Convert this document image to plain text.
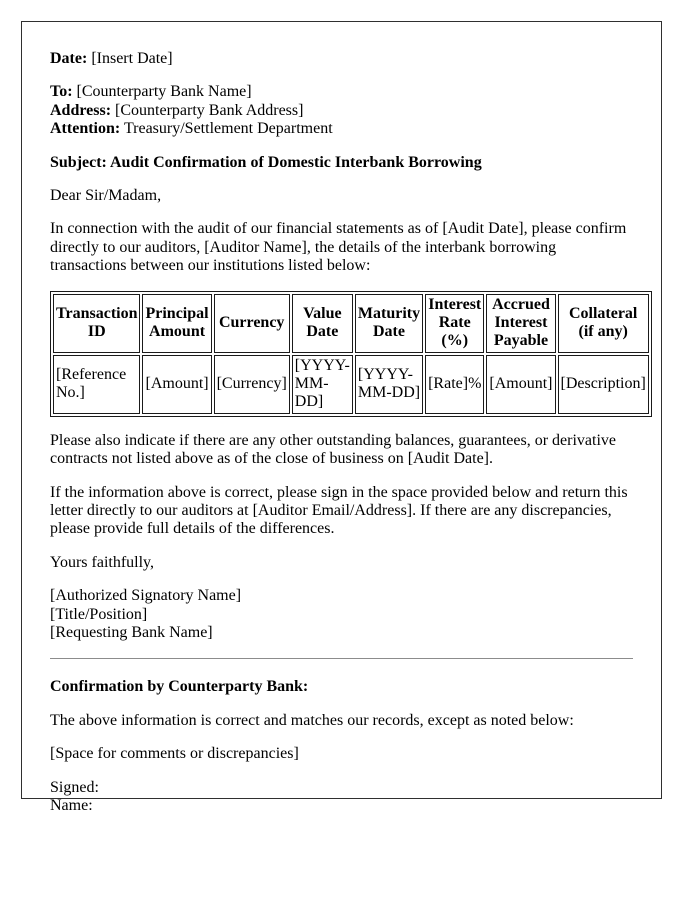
Date: [Insert Date]

To: [Counterparty Bank Name]
Address: [Counterparty Bank Address]
Attention: Treasury/Settlement Department

Subject: Audit Confirmation of Domestic Interbank Borrowing

Dear Sir/Madam,

In connection with the audit of our financial statements as of [Audit Date], please confirm directly to our auditors, [Auditor Name], the details of the interbank borrowing transactions between our institutions listed below:

Transaction ID	Principal Amount	Currency	Value Date	Maturity Date	Interest Rate (%)	Accrued Interest Payable	Collateral (if any)
[Reference No.]	[Amount]	[Currency]	[YYYY-MM-DD]	[YYYY-MM-DD]	[Rate]%	[Amount]	[Description]

Please also indicate if there are any other outstanding balances, guarantees, or derivative contracts not listed above as of the close of business on [Audit Date].

If the information above is correct, please sign in the space provided below and return this letter directly to our auditors at [Auditor Email/Address]. If there are any discrepancies, please provide full details of the differences.

Yours faithfully,

[Authorized Signatory Name]
[Title/Position]
[Requesting Bank Name]

Confirmation by Counterparty Bank:

The above information is correct and matches our records, except as noted below:

[Space for comments or discrepancies]

Signed:
Name:
